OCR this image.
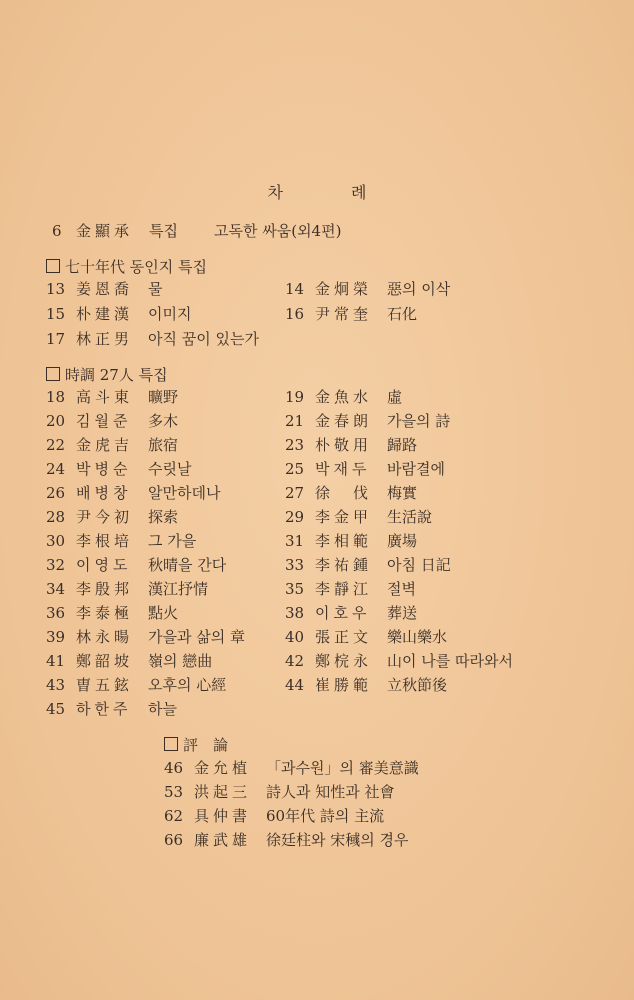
차	례
6 金顯承 특집 고독한 싸움(외4편)
七十年代 동인지 특집
13 姜恩喬 물
15 朴建漢 이미지
17 林正男 아직 꿈이 있는가
14 金炯榮 惡의 이삭
16 尹常奎 石化
時調 27人 특집
18 高斗東 曠野
20 김월준 多木
22 金虎吉 旅宿
24 박병순 수릿날
26 배병창 알만하데나
28 尹今初 探索
30 李根培 그 가을
32 이영도 秋晴을 간다
34 李殷邦 漢江抒情
36 李泰極 點火
39 林永暘 가을과 삶의 章
41 鄭韶坡 嶺의 戀曲
43 曺五鉉 오후의 心經
45 하한주 하늘
19 金魚水 虛
21 金春朗 가을의 詩
23 朴敬用 歸路
25 박재두 바람결에
27 徐　伐 梅實
29 李金甲 生活說
31 李相範 廣場
33 李祐鍾 아침 日記
35 李靜江 절벽
38 이호우 葬送
40 張正文 樂山樂水
42 鄭梡永 山이 나를 따라와서
44 崔勝範 立秋節後
評　論
46 金允植 「과수원」의 審美意識
53 洪起三 詩人과 知性과 社會
62 具仲書 60年代 詩의 主流
66 廉武雄 徐廷柱와 宋稶의 경우
